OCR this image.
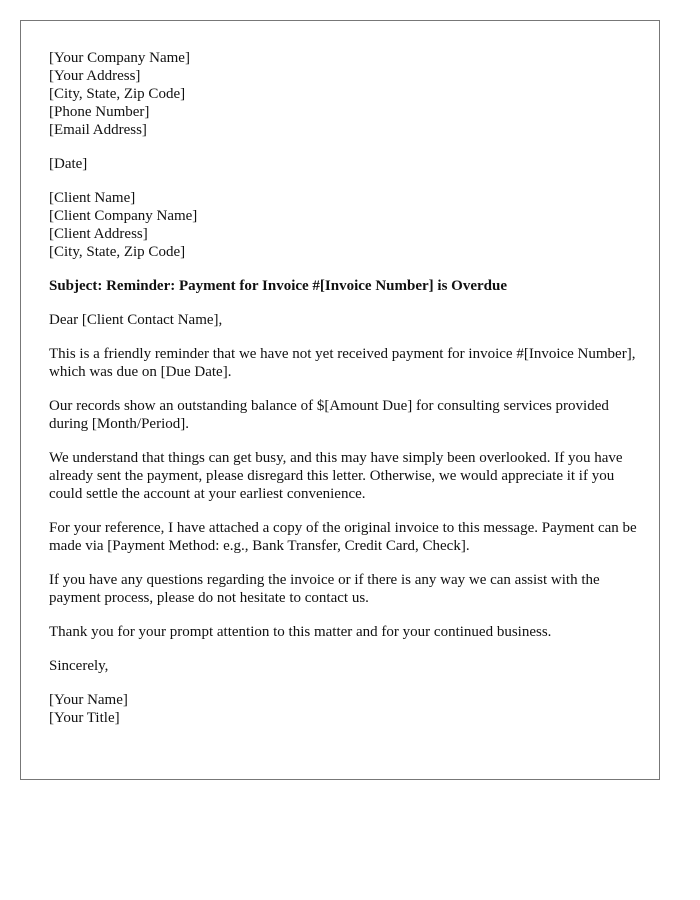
[Your Company Name]
[Your Address]
[City, State, Zip Code]
[Phone Number]
[Email Address]
[Date]
[Client Name]
[Client Company Name]
[Client Address]
[City, State, Zip Code]
Subject: Reminder: Payment for Invoice #[Invoice Number] is Overdue
Dear [Client Contact Name],
This is a friendly reminder that we have not yet received payment for invoice #[Invoice Number], which was due on [Due Date].
Our records show an outstanding balance of $[Amount Due] for consulting services provided during [Month/Period].
We understand that things can get busy, and this may have simply been overlooked. If you have already sent the payment, please disregard this letter. Otherwise, we would appreciate it if you could settle the account at your earliest convenience.
For your reference, I have attached a copy of the original invoice to this message. Payment can be made via [Payment Method: e.g., Bank Transfer, Credit Card, Check].
If you have any questions regarding the invoice or if there is any way we can assist with the payment process, please do not hesitate to contact us.
Thank you for your prompt attention to this matter and for your continued business.
Sincerely,
[Your Name]
[Your Title]
